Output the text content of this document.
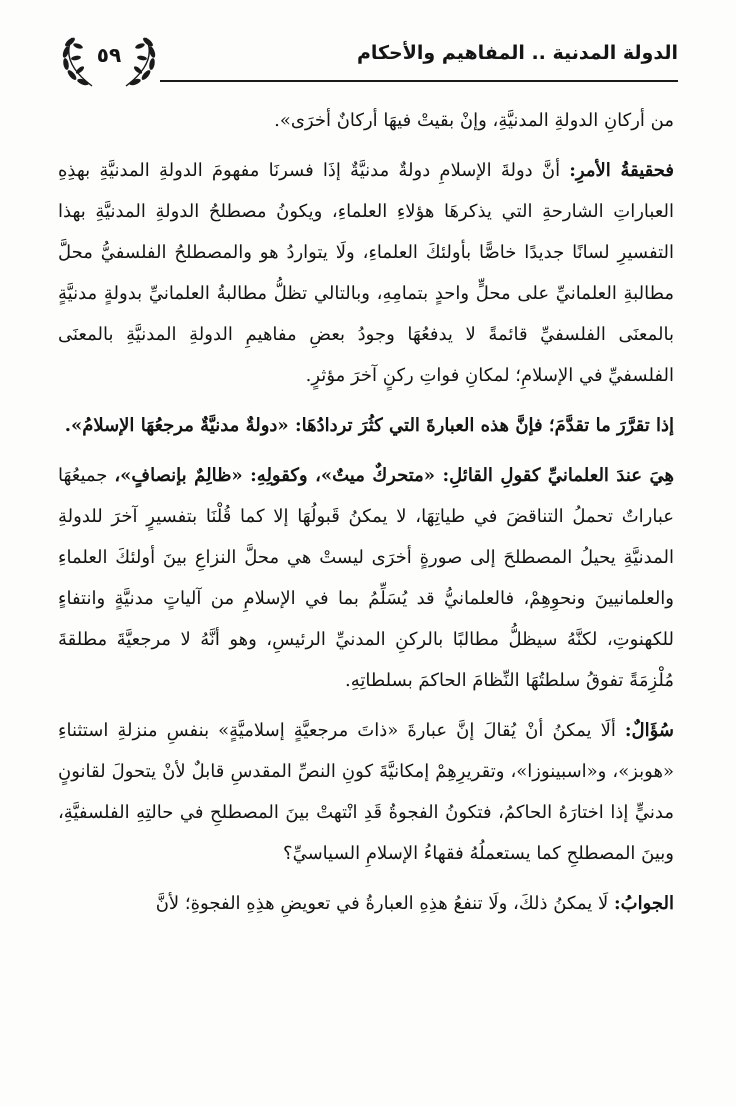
الدولة المدنية .. المفاهيم والأحكام
٥٩

من أركانِ الدولةِ المدنيَّةِ، وإنْ بقيتْ فيهَا أركانٌ أخرَى».

فحقيقةُ الأمرِ: أنَّ دولةَ الإسلامِ دولةٌ مدنيَّةٌ إذَا فسرنَا مفهومَ الدولةِ المدنيَّةِ بهذِهِ العباراتِ الشارحةِ التي يذكرهَا هؤلاءِ العلماءِ، ويكونُ مصطلحُ الدولةِ المدنيَّةِ بهذا التفسيرِ لسانًا جديدًا خاصًّا بأولئكَ العلماءِ، ولَا يتواردُ هو والمصطلحُ الفلسفيُّ محلَّ مطالبةِ العلمانيِّ على محلٍّ واحدٍ بتمامِهِ، وبالتالي تظلُّ مطالبةُ العلمانيِّ بدولةٍ مدنيَّةٍ بالمعنَى الفلسفيِّ قائمةً لا يدفعُهَا وجودُ بعضِ مفاهيمِ الدولةِ المدنيَّةِ بالمعنَى الفلسفيِّ في الإسلامِ؛ لمكانِ فواتِ ركنٍ آخرَ مؤثرٍ.

إذا تقرَّرَ ما تقدَّمَ؛ فإنَّ هذه العبارةَ التي كثُرَ تردادُهَا: «دولةٌ مدنيَّةٌ مرجعُهَا الإسلامُ».

هِيَ عندَ العلمانيِّ كقولِ القائلِ: «متحركٌ ميتٌ»، وكقولِهِ: «ظالِمٌ بإنصافٍ»، جميعُهَا عباراتٌ تحملُ التناقضَ في طياتِهَا، لا يمكنُ قَبولُهَا إلا كما قُلْنَا بتفسيرٍ آخرَ للدولةِ المدنيَّةِ يحيلُ المصطلحَ إلى صورةٍ أخرَى ليستْ هي محلَّ النزاعِ بينَ أولئكَ العلماءِ والعلمانيينَ ونحوِهِمْ، فالعلمانيُّ قد يُسَلِّمُ بما في الإسلامِ من آلياتٍ مدنيَّةٍ وانتفاءٍ للكهنوتِ، لكنَّهُ سيظلُّ مطالبًا بالركنِ المدنيِّ الرئيسِ، وهو أنَّهُ لا مرجعيَّةَ مطلقةَ مُلْزِمَةً تفوقُ سلطتُهَا النِّظامَ الحاكمَ بسلطاتِهِ.

سُؤَالٌ: ألَا يمكنُ أنْ يُقالَ إنَّ عبارةَ «ذاتَ مرجعيَّةٍ إسلاميَّةٍ» بنفسِ منزلةِ استثناءِ «هوبز»، و«اسبينوزا»، وتقريرِهِمْ إمكانيَّةَ كونِ النصِّ المقدسِ قابلٌ لأنْ يتحولَ لقانونٍ مدنيٍّ إذا اختارَهُ الحاكمُ، فتكونُ الفجوةُ قَدِ انْتهتْ بينَ المصطلحِ في حالتِهِ الفلسفيَّةِ، وبينَ المصطلحِ كما يستعملُهُ فقهاءُ الإسلامِ السياسيِّ؟

الجوابُ: لَا يمكنُ ذلكَ، ولَا تنفعُ هذِهِ العبارةُ في تعويضِ هذِهِ الفجوةِ؛ لأنَّ
